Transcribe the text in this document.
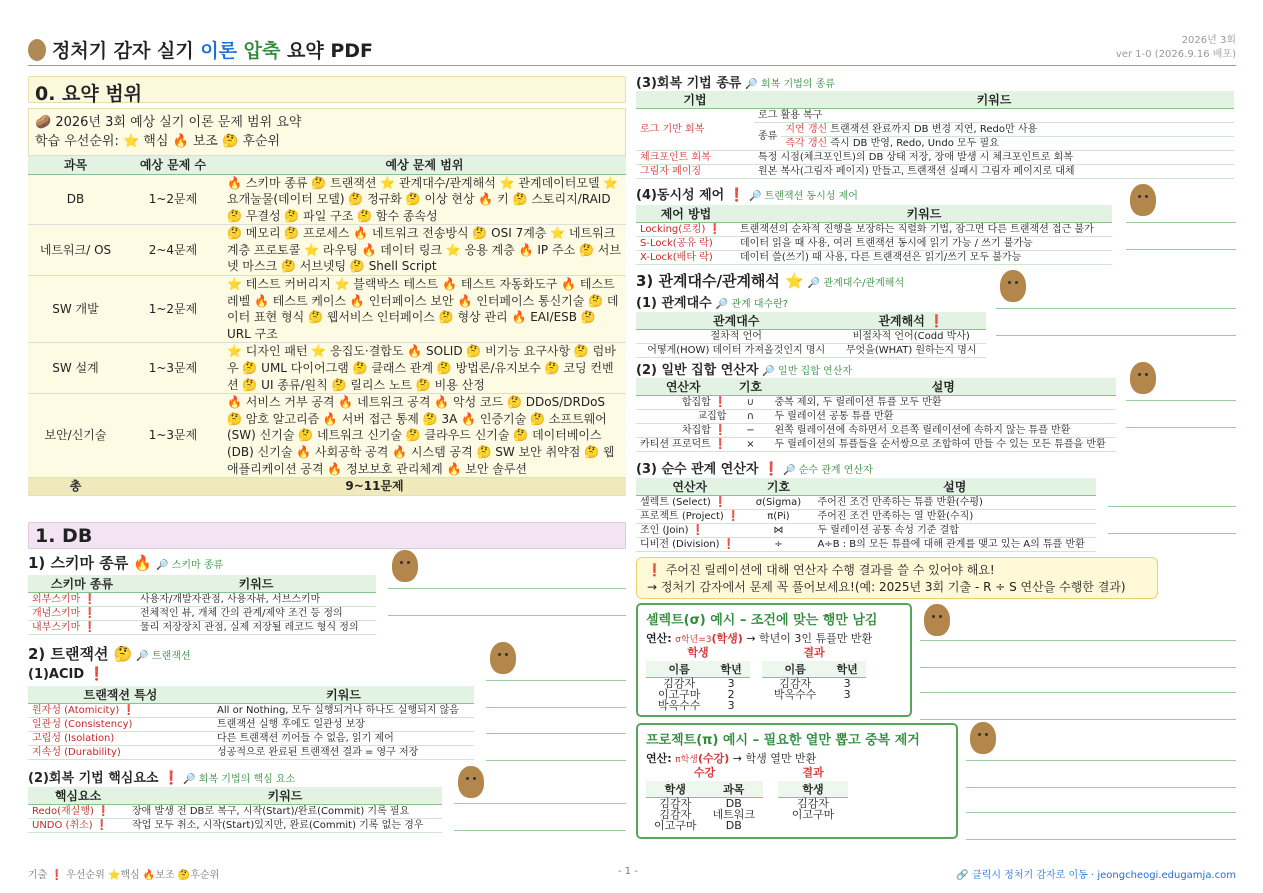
정처기 감자 실기 이론 압축 요약 PDF	2026년 3회
ver 1-0 (2026.9.16 배포)
0. 요약 범위
🥔 2026년 3회 예상 실기 이론 문제 범위 요약
학습 우선순위: ⭐ 핵심 🔥 보조 🤔 후순위
과목	예상 문제 수	예상 문제 범위
DB	1~2문제	🔥 스키마 종류 🤔 트랜잭션 ⭐ 관계대수/관계해석 ⭐ 관계데이터모델 ⭐ 요개눌물(데이터 모델) 🤔 정규화 🤔 이상 현상 🔥 키 🤔 스토리지/RAID 🤔 무결성 🤔 파일 구조 🤔 함수 종속성
네트워크/ OS	2~4문제	🤔 메모리 🤔 프로세스 🔥 네트워크 전송방식 🤔 OSI 7계층 ⭐ 네트워크 계층 프로토콜 ⭐ 라우팅 🔥 데이터 링크 ⭐ 응용 계층 🔥 IP 주소 🤔 서브넷 마스크 🤔 서브넷팅 🤔 Shell Script
SW 개발	1~2문제	⭐ 테스트 커버리지 ⭐ 블랙박스 테스트 🔥 테스트 자동화도구 🔥 테스트 레벨 🔥 테스트 케이스 🔥 인터페이스 보안 🔥 인터페이스 통신기술 🤔 데이터 표현 형식 🤔 웹서비스 인터페이스 🤔 형상 관리 🔥 EAI/ESB 🤔 URL 구조
SW 설계	1~3문제	⭐ 디자인 패턴 ⭐ 응집도·결합도 🔥 SOLID 🤔 비기능 요구사항 🤔 럼바우 🤔 UML 다이어그램 🤔 클래스 관계 🤔 방법론/유지보수 🤔 코딩 컨벤션 🤔 UI 종류/원칙 🤔 릴리스 노트 🤔 비용 산정
보안/신기술	1~3문제	🔥 서비스 거부 공격 🔥 네트워크 공격 🔥 악성 코드 🤔 DDoS/DRDoS 🤔 암호 알고리즘 🔥 서버 접근 통제 🤔 3A 🔥 인증기술 🤔 소프트웨어(SW) 신기술 🤔 네트워크 신기술 🤔 클라우드 신기술 🤔 데이터베이스(DB) 신기술 🔥 사회공학 공격 🔥 시스템 공격 🤔 SW 보안 취약점 🤔 웹 애플리케이션 공격 🔥 정보보호 관리체계 🔥 보안 솔루션
총	9~11문제	
1. DB
1) 스키마 종류 🔥 🔎 스키마 종류
스키마 종류	키워드
외부스키마 ❗	사용자/개발자관점, 사용자뷰, 서브스키마
개념스키마 ❗	전체적인 뷰, 개체 간의 관계/제약 조건 등 정의
내부스키마 ❗	물리 저장장치 관점, 실제 저장될 레코드 형식 정의
2) 트랜잭션 🤔 🔎 트랜잭션
(1)ACID ❗
트랜잭션 특성	키워드
원자성 (Atomicity) ❗	All or Nothing, 모두 실행되거나 하나도 실행되지 않음
일관성 (Consistency)	트랜잭션 실행 후에도 일관성 보장
고립성 (Isolation)	다른 트랜잭션 끼어들 수 없음, 읽기 제어
지속성 (Durability)	성공적으로 완료된 트랜잭션 결과 = 영구 저장
(2)회복 기법 핵심요소 ❗ 🔎 회복 기법의 핵심 요소
핵심요소	키워드
Redo(재실행) ❗	장애 발생 전 DB로 복구, 시작(Start)/완료(Commit) 기록 필요
UNDO (취소) ❗	작업 모두 취소, 시작(Start)있지만, 완료(Commit) 기록 없는 경우
(3)회복 기법 종류 🔎 회복 기법의 종류
기법	키워드	
로그 기반 회복	로그 활용 복구	
	종류	지연 갱신 트랜잭션 완료까지 DB 변경 지연, Redo만 사용
		즉각 갱신 즉시 DB 반영, Redo, Undo 모두 필요
체크포인트 회복	특정 시점(체크포인트)의 DB 상태 저장, 장애 발생 시 체크포인트로 회복	
그림자 페이징	원본 복사(그림자 페이지) 만들고, 트랜잭션 실패시 그림자 페이지로 대체	
(4)동시성 제어 ❗ 🔎 트랜잭션 동시성 제어
제어 방법	키워드
Locking(로킹) ❗	트랜잭션의 순차적 진행을 보장하는 직렬화 기법, 잠그면 다른 트랜잭션 접근 불가
S-Lock(공유 락)	데이터 읽을 때 사용, 여러 트랜잭션 동시에 읽기 가능 / 쓰기 불가능
X-Lock(배타 락)	데이터 쓸(쓰기) 때 사용, 다른 트랜잭션은 읽기/쓰기 모두 불가능
3) 관계대수/관계해석 ⭐ 🔎 관계대수/관계해석
(1) 관계대수 🔎 관계 대수란?
관계대수	관계해석 ❗
절차적 언어	비절차적 언어(Codd 박사)
어떻게(HOW) 데이터 가져올것인지 명시	무엇을(WHAT) 원하는지 명시
(2) 일반 집합 연산자 🔎 일반 집합 연산자
연산자	기호	설명
합집합 ❗	∪	중복 제외, 두 릴레이션 튜플 모두 반환
교집합	∩	두 릴레이션 공통 튜플 반환
차집합 ❗	−	왼쪽 릴레이션에 속하면서 오른쪽 릴레이션에 속하지 않는 튜플 반환
카티션 프로덕트 ❗	×	두 릴레이션의 튜플들을 순서쌍으로 조합하여 만들 수 있는 모든 튜플을 반환
(3) 순수 관계 연산자 ❗ 🔎 순수 관계 연산자
연산자	기호	설명
셀렉트 (Select) ❗	σ(Sigma)	주어진 조건 만족하는 튜플 반환(수평)
프로젝트 (Project) ❗	π(Pi)	주어진 조건 만족하는 열 반환(수직)
조인 (Join) ❗	⋈	두 릴레이션 공통 속성 기준 결합
디비전 (Division) ❗	÷	A÷B : B의 모든 튜플에 대해 관계를 맺고 있는 A의 튜플 반환
❗ 주어진 릴레이션에 대해 연산자 수행 결과를 쓸 수 있어야 해요!
→ 정처기 감자에서 문제 꼭 풀어보세요!(예: 2025년 3회 기출 - R ÷ S 연산을 수행한 결과)
셀렉트(σ) 예시 – 조건에 맞는 행만 남김
연산: σ학년=3(학생) → 학년이 3인 튜플만 반환
학생	
이름	학년
김감자	3
이고구마	2
박옥수수	3
결과	
이름	학년
김감자	3
박옥수수	3
프로젝트(π) 예시 – 필요한 열만 뽑고 중복 제거
연산: π학생(수강) → 학생 열만 반환
수강	
학생	과목
김감자	DB
김감자	네트워크
이고구마	DB
결과
학생
김감자
이고구마
기출 ❗ 우선순위 ⭐핵심 🔥보조 🤔후순위	- 1 -	🔗 클릭시 정처기 감자로 이동 · jeongcheogi.edugamja.com
